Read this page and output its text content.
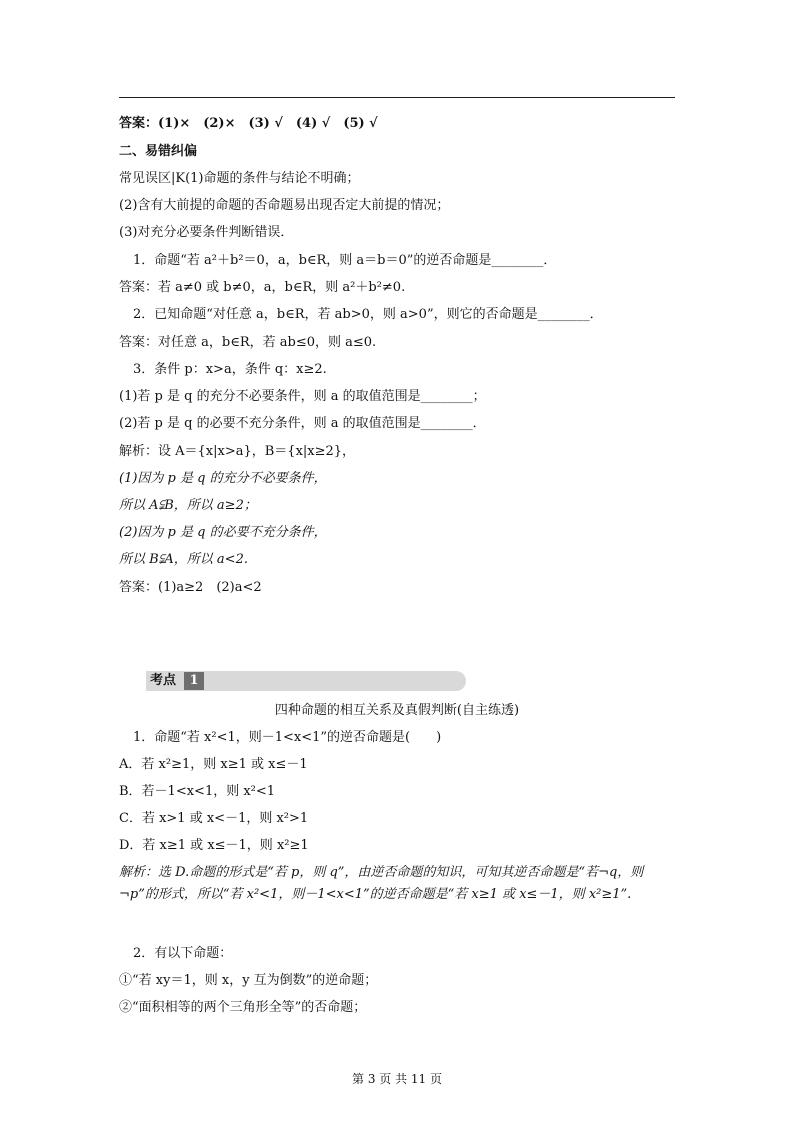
答案：(1)×　(2)×　(3) √　(4) √　(5) √
二、易错纠偏
常见误区|K(1)命题的条件与结论不明确；
(2)含有大前提的命题的否命题易出现否定大前提的情况；
(3)对充分必要条件判断错误．
1．命题“若 a²＋b²＝0，a，b∈R，则 a＝b＝0”的逆否命题是________．
答案：若 a≠0 或 b≠0，a，b∈R，则 a²＋b²≠0.
2．已知命题“对任意 a，b∈R，若 ab>0，则 a>0”，则它的否命题是________．
答案：对任意 a，b∈R，若 ab≤0，则 a≤0.
3．条件 p：x>a，条件 q：x≥2.
(1)若 p 是 q 的充分不必要条件，则 a 的取值范围是________；
(2)若 p 是 q 的必要不充分条件，则 a 的取值范围是________．
解析：设 A＝{x|x>a}，B＝{x|x≥2}，
(1)因为 p 是 q 的充分不必要条件，
所以 A⫋B，所以 a≥2；
(2)因为 p 是 q 的必要不充分条件，
所以 B⫋A，所以 a<2.
答案：(1)a≥2　(2)a<2
考点	1
四种命题的相互关系及真假判断(自主练透)
1．命题“若 x²<1，则－1<x<1”的逆否命题是(　　)
A．若 x²≥1，则 x≥1 或 x≤－1
B．若－1<x<1，则 x²<1
C．若 x>1 或 x<－1，则 x²>1
D．若 x≥1 或 x≤－1，则 x²≥1
解析：选 D.命题的形式是“若 p，则 q”，由逆否命题的知识，可知其逆否命题是“若¬q，则¬p”的形式，所以“若 x²<1，则－1<x<1”的逆否命题是“若 x≥1 或 x≤－1，则 x²≥1”.
2．有以下命题：
①“若 xy＝1，则 x，y 互为倒数”的逆命题；
②“面积相等的两个三角形全等”的否命题；
第 3 页 共 11 页
